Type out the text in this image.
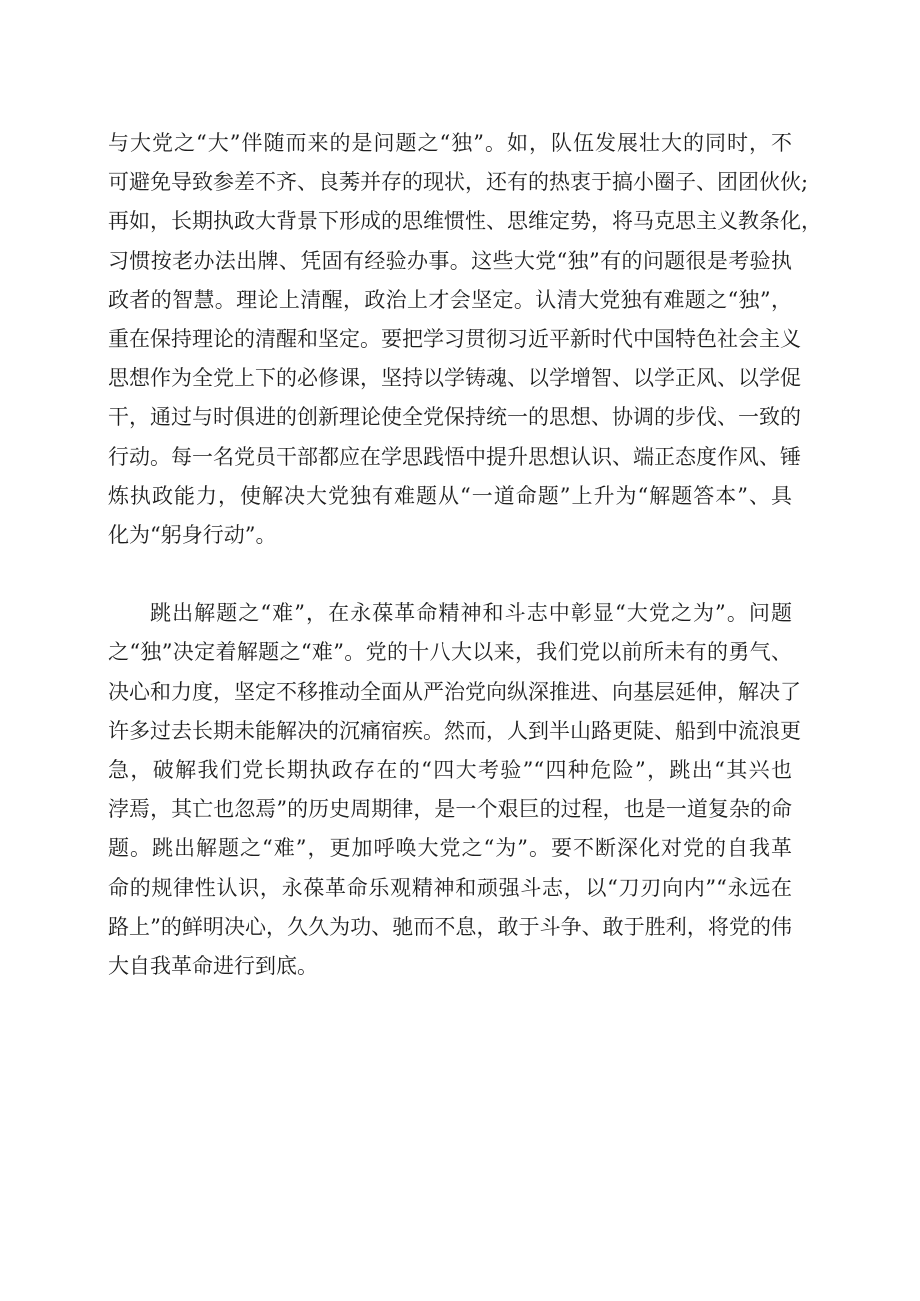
与大党之“大”伴随而来的是问题之“独”。如，队伍发展壮大的同时，不
可避免导致参差不齐、良莠并存的现状，还有的热衷于搞小圈子、团团伙伙;
再如，长期执政大背景下形成的思维惯性、思维定势，将马克思主义教条化，
习惯按老办法出牌、凭固有经验办事。这些大党“独”有的问题很是考验执
政者的智慧。理论上清醒，政治上才会坚定。认清大党独有难题之“独”，
重在保持理论的清醒和坚定。要把学习贯彻习近平新时代中国特色社会主义
思想作为全党上下的必修课，坚持以学铸魂、以学增智、以学正风、以学促
干，通过与时俱进的创新理论使全党保持统一的思想、协调的步伐、一致的
行动。每一名党员干部都应在学思践悟中提升思想认识、端正态度作风、锤
炼执政能力，使解决大党独有难题从“一道命题”上升为“解题答本”、具
化为“躬身行动”。

跳出解题之“难”，在永葆革命精神和斗志中彰显“大党之为”。问题
之“独”决定着解题之“难”。党的十八大以来，我们党以前所未有的勇气、
决心和力度，坚定不移推动全面从严治党向纵深推进、向基层延伸，解决了
许多过去长期未能解决的沉痛宿疾。然而，人到半山路更陡、船到中流浪更
急，破解我们党长期执政存在的“四大考验”“四种危险”，跳出“其兴也
浡焉，其亡也忽焉”的历史周期律，是一个艰巨的过程，也是一道复杂的命
题。跳出解题之“难”，更加呼唤大党之“为”。要不断深化对党的自我革
命的规律性认识，永葆革命乐观精神和顽强斗志，以“刀刃向内”“永远在
路上”的鲜明决心，久久为功、驰而不息，敢于斗争、敢于胜利，将党的伟
大自我革命进行到底。
